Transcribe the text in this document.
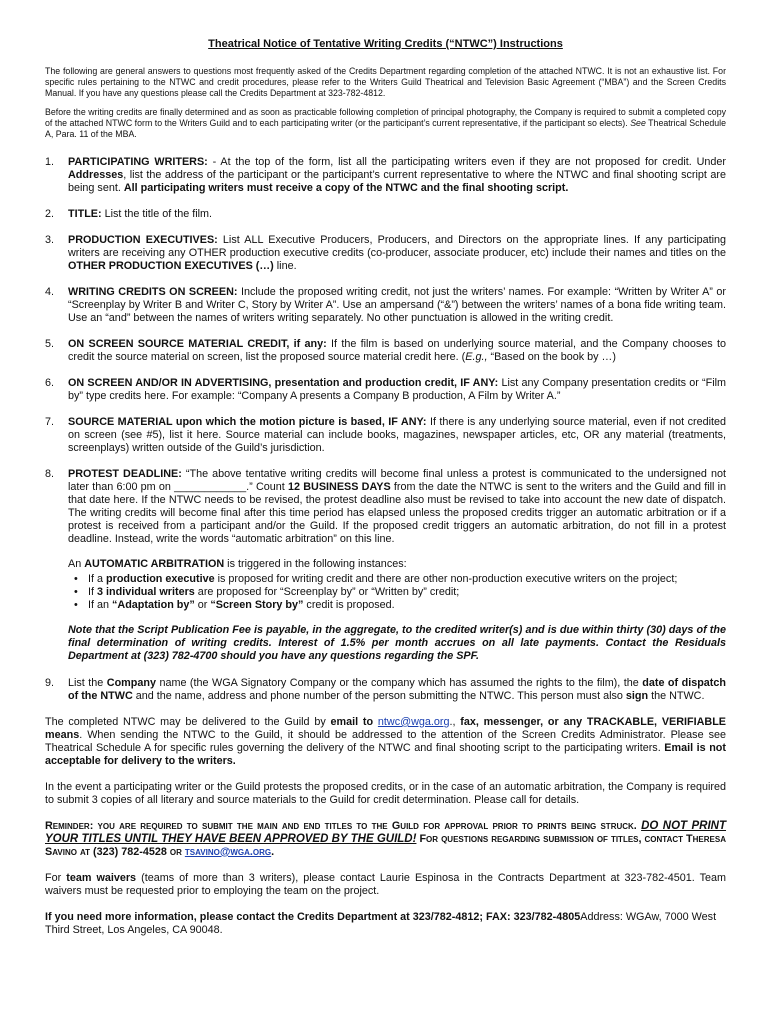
Theatrical Notice of Tentative Writing Credits (“NTWC”) Instructions

The following are general answers to questions most frequently asked of the Credits Department regarding completion of the attached NTWC. It is not an exhaustive list. For specific rules pertaining to the NTWC and credit procedures, please refer to the Writers Guild Theatrical and Television Basic Agreement (“MBA”) and the Screen Credits Manual. If you have any questions please call the Credits Department at 323-782-4812.

Before the writing credits are finally determined and as soon as practicable following completion of principal photography, the Company is required to submit a completed copy of the attached NTWC form to the Writers Guild and to each participating writer (or the participant’s current representative, if the participant so elects). See Theatrical Schedule A, Para. 11 of the MBA.

1.	PARTICIPATING WRITERS: - At the top of the form, list all the participating writers even if they are not proposed for credit. Under Addresses, list the address of the participant or the participant’s current representative to where the NTWC and final shooting script are being sent. All participating writers must receive a copy of the NTWC and the final shooting script.
2.	TITLE: List the title of the film.
3.	PRODUCTION EXECUTIVES: List ALL Executive Producers, Producers, and Directors on the appropriate lines. If any participating writers are receiving any OTHER production executive credits (co-producer, associate producer, etc) include their names and titles on the OTHER PRODUCTION EXECUTIVES (…) line.
4.	WRITING CREDITS ON SCREEN: Include the proposed writing credit, not just the writers’ names. For example: “Written by Writer A” or “Screenplay by Writer B and Writer C, Story by Writer A”. Use an ampersand (“&”) between the writers’ names of a bona fide writing team. Use an “and” between the names of writers writing separately. No other punctuation is allowed in the writing credit.
5.	ON SCREEN SOURCE MATERIAL CREDIT, if any: If the film is based on underlying source material, and the Company chooses to credit the source material on screen, list the proposed source material credit here. (E.g., “Based on the book by …)
6.	ON SCREEN AND/OR IN ADVERTISING, presentation and production credit, IF ANY: List any Company presentation credits or “Film by” type credits here. For example: “Company A presents a Company B production, A Film by Writer A.”
7.	SOURCE MATERIAL upon which the motion picture is based, IF ANY: If there is any underlying source material, even if not credited on screen (see #5), list it here. Source material can include books, magazines, newspaper articles, etc, OR any material (treatments, screenplays) written outside of the Guild’s jurisdiction.
8.	PROTEST DEADLINE: “The above tentative writing credits will become final unless a protest is communicated to the undersigned not later than 6:00 pm on ____________.” Count 12 BUSINESS DAYS from the date the NTWC is sent to the writers and the Guild and fill in that date here. If the NTWC needs to be revised, the protest deadline also must be revised to take into account the new date of dispatch. The writing credits will become final after this time period has elapsed unless the proposed credits trigger an automatic arbitration or if a protest is received from a participant and/or the Guild. If the proposed credit triggers an automatic arbitration, do not fill in a protest deadline. Instead, write the words “automatic arbitration” on this line.
An AUTOMATIC ARBITRATION is triggered in the following instances:
• If a production executive is proposed for writing credit and there are other non-production executive writers on the project;
• If 3 individual writers are proposed for “Screenplay by” or “Written by” credit;
• If an “Adaptation by” or “Screen Story by” credit is proposed.
Note that the Script Publication Fee is payable, in the aggregate, to the credited writer(s) and is due within thirty (30) days of the final determination of writing credits. Interest of 1.5% per month accrues on all late payments. Contact the Residuals Department at (323) 782-4700 should you have any questions regarding the SPF.
9.	List the Company name (the WGA Signatory Company or the company which has assumed the rights to the film), the date of dispatch of the NTWC and the name, address and phone number of the person submitting the NTWC. This person must also sign the NTWC.
The completed NTWC may be delivered to the Guild by email to ntwc@wga.org., fax, messenger, or any TRACKABLE, VERIFIABLE means. When sending the NTWC to the Guild, it should be addressed to the attention of the Screen Credits Administrator. Please see Theatrical Schedule A for specific rules governing the delivery of the NTWC and final shooting script to the participating writers. Email is not acceptable for delivery to the writers.
In the event a participating writer or the Guild protests the proposed credits, or in the case of an automatic arbitration, the Company is required to submit 3 copies of all literary and source materials to the Guild for credit determination. Please call for details.
Reminder: you are required to submit the main and end titles to the Guild for approval prior to prints being struck. DO NOT PRINT YOUR TITLES UNTIL THEY HAVE BEEN APPROVED BY THE GUILD! For questions regarding submission of titles, contact Theresa Savino at (323) 782-4528 or tsavino@wga.org.
For team waivers (teams of more than 3 writers), please contact Laurie Espinosa in the Contracts Department at 323-782-4501. Team waivers must be requested prior to employing the team on the project.
If you need more information, please contact the Credits Department at 323/782-4812; FAX: 323/782-4805Address: WGAw, 7000 West Third Street, Los Angeles, CA 90048.
